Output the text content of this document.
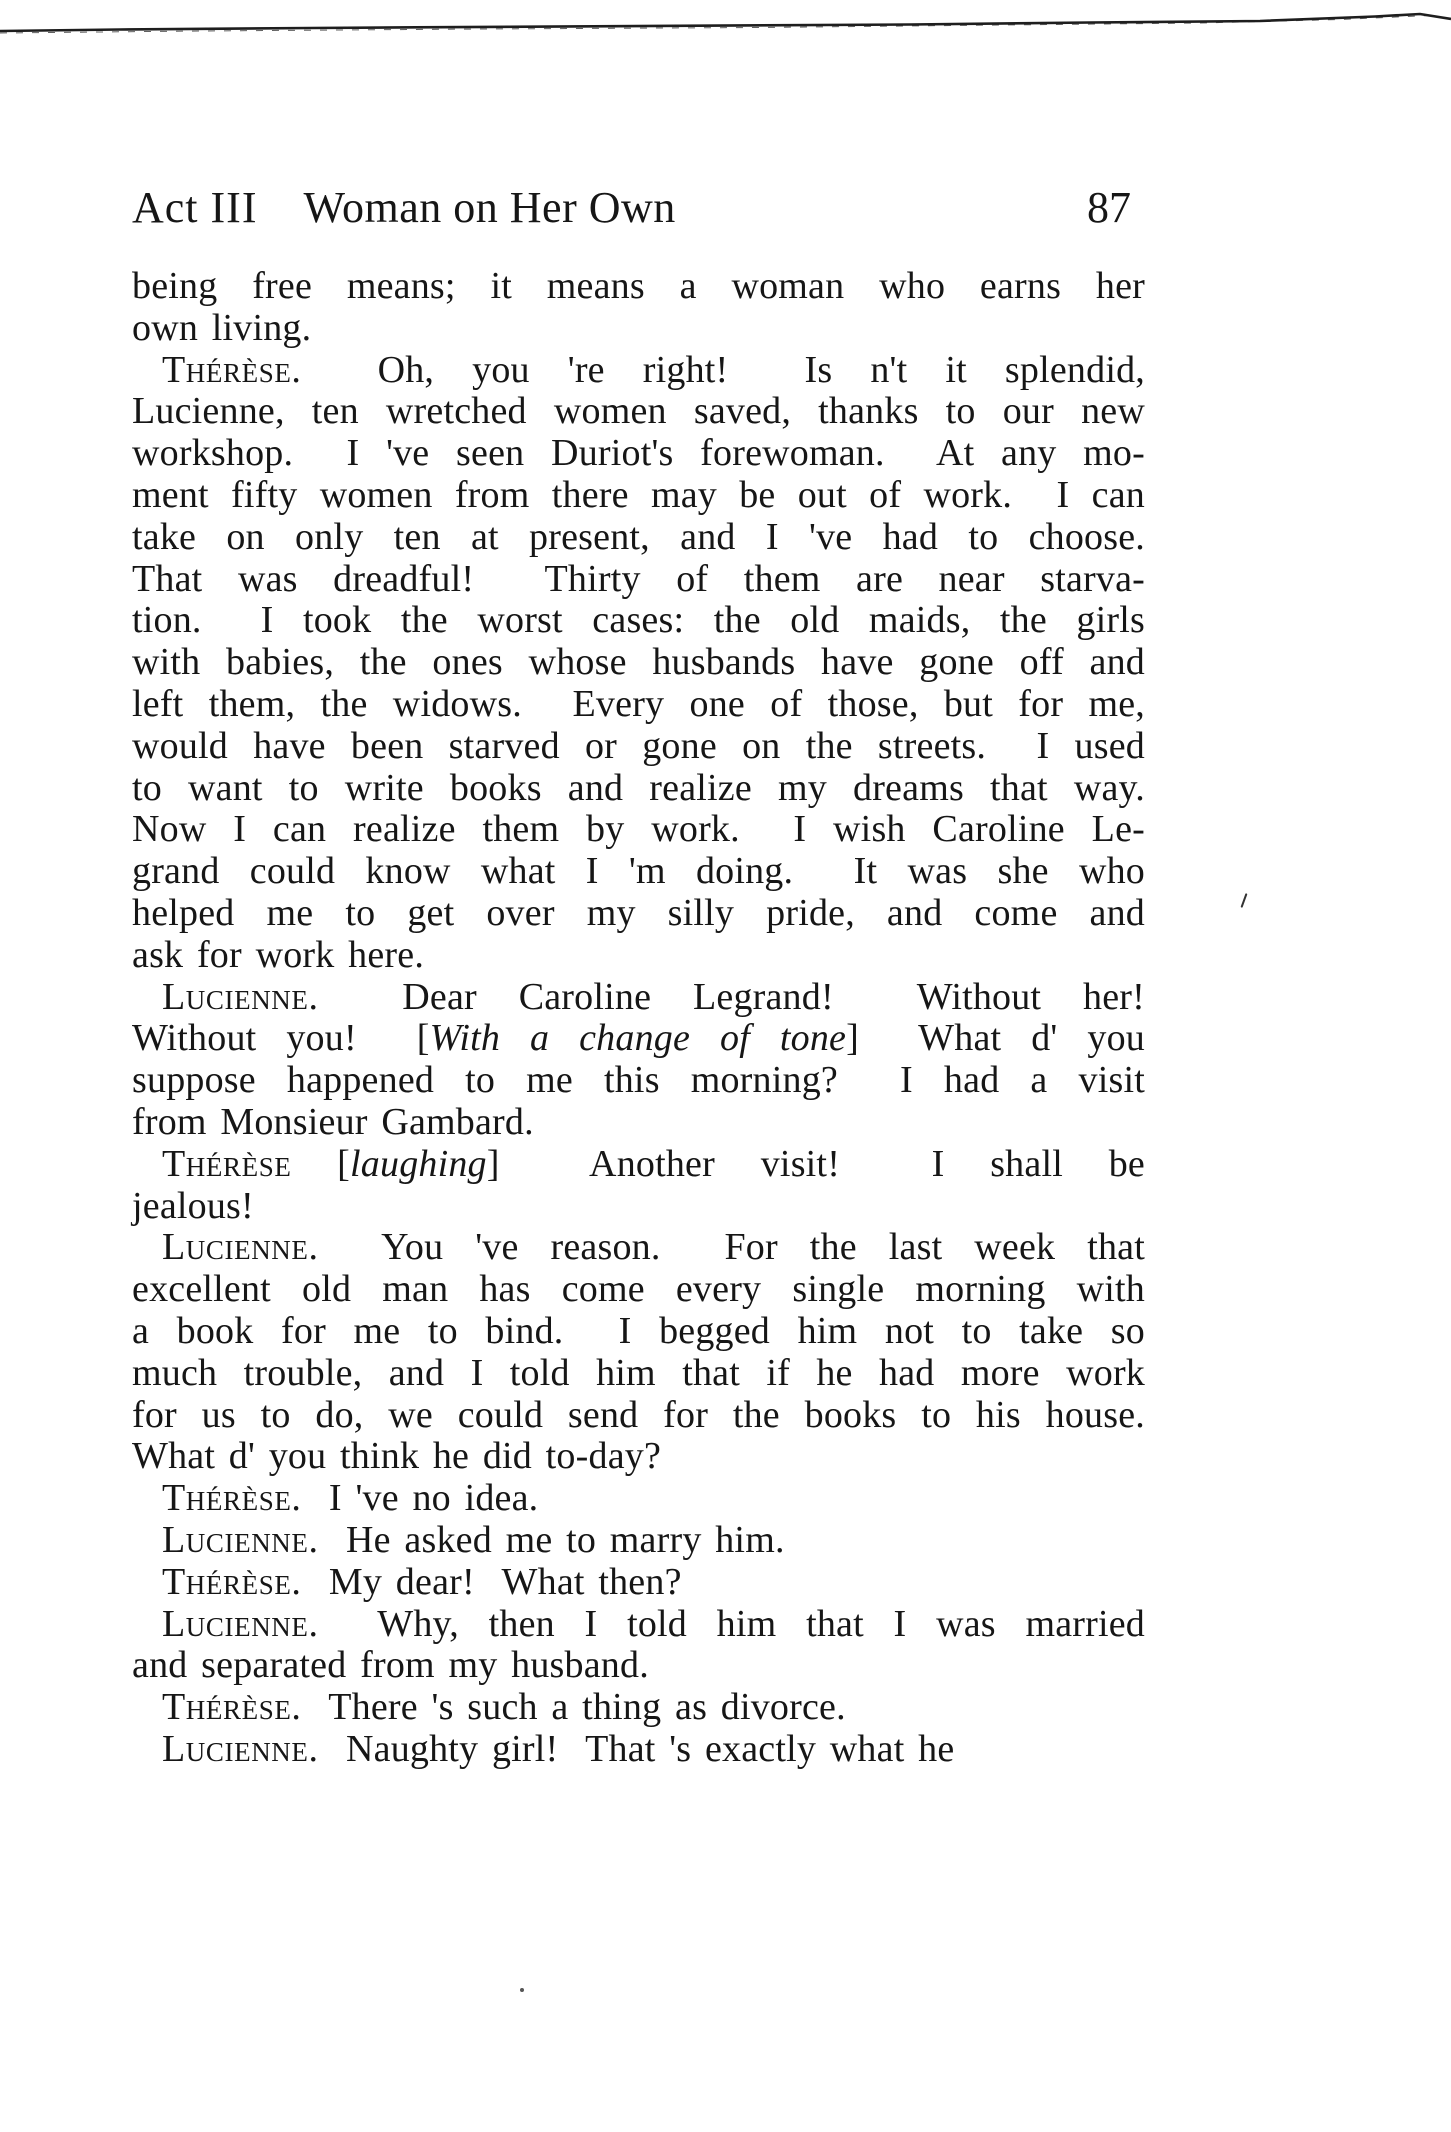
Act III Woman on Her Own	87
being free means; it means a woman who earns her
own living.
Thérèse.  Oh, you 're right!  Is n't it splendid,
Lucienne, ten wretched women saved, thanks to our new
workshop.  I 've seen Duriot's forewoman.  At any mo-
ment fifty women from there may be out of work.  I can
take on only ten at present, and I 've had to choose.
That was dreadful!  Thirty of them are near starva-
tion.  I took the worst cases: the old maids, the girls
with babies, the ones whose husbands have gone off and
left them, the widows.  Every one of those, but for me,
would have been starved or gone on the streets.  I used
to want to write books and realize my dreams that way.
Now I can realize them by work.  I wish Caroline Le-
grand could know what I 'm doing.  It was she who
helped me to get over my silly pride, and come and
ask for work here.
Lucienne.  Dear Caroline Legrand!  Without her!
Without you!  [With a change of tone]  What d' you
suppose happened to me this morning?  I had a visit
from Monsieur Gambard.
Thérèse [laughing]  Another visit!  I shall be
jealous!
Lucienne.  You 've reason.  For the last week that
excellent old man has come every single morning with
a book for me to bind.  I begged him not to take so
much trouble, and I told him that if he had more work
for us to do, we could send for the books to his house.
What d' you think he did to-day?
Thérèse.  I 've no idea.
Lucienne.  He asked me to marry him.
Thérèse.  My dear!  What then?
Lucienne.  Why, then I told him that I was married
and separated from my husband.
Thérèse.  There 's such a thing as divorce.
Lucienne.  Naughty girl!  That 's exactly what he
